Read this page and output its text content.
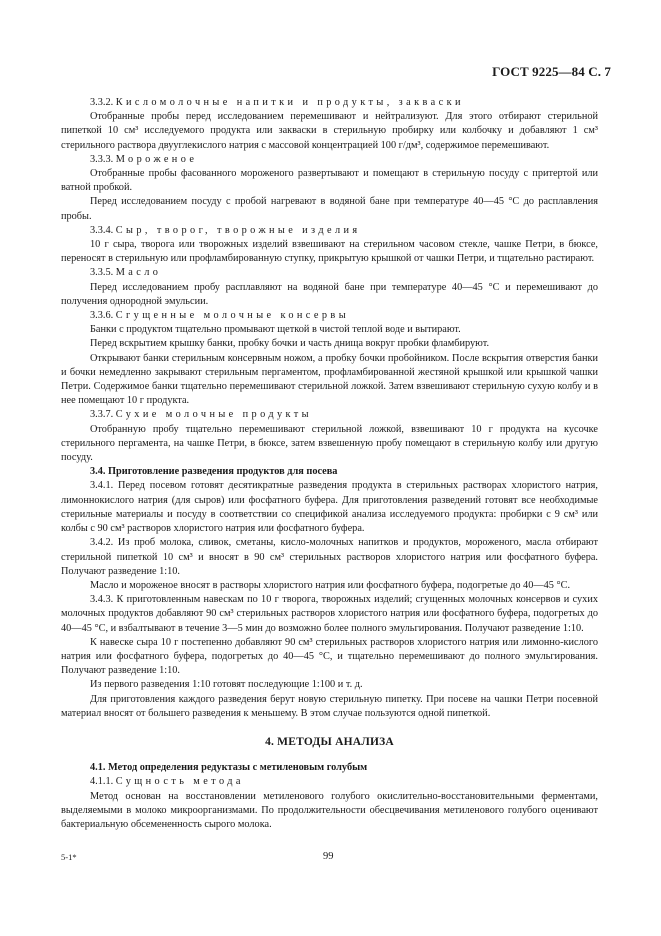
ГОСТ 9225—84 С. 7

3.3.2. Кисломолочные напитки и продукты, закваски

Отобранные пробы перед исследованием перемешивают и нейтрализуют. Для этого отбирают стерильной пипеткой 10 см³ исследуемого продукта или закваски в стерильную пробирку или колбочку и добавляют 1 см³ стерильного раствора двууглекислого натрия с массовой концентрацией 100 г/дм³, содержимое перемешивают.

3.3.3. Мороженое

Отобранные пробы фасованного мороженого развертывают и помещают в стерильную посуду с притертой или ватной пробкой.

Перед исследованием посуду с пробой нагревают в водяной бане при температуре 40—45 °С до расплавления пробы.

3.3.4. Сыр, творог, творожные изделия

10 г сыра, творога или творожных изделий взвешивают на стерильном часовом стекле, чашке Петри, в бюксе, переносят в стерильную или профламбированную ступку, прикрытую крышкой от чашки Петри, и тщательно растирают.

3.3.5. Масло

Перед исследованием пробу расплавляют на водяной бане при температуре 40—45 °С и перемешивают до получения однородной эмульсии.

3.3.6. Сгущенные молочные консервы

Банки с продуктом тщательно промывают щеткой в чистой теплой воде и вытирают.

Перед вскрытием крышку банки, пробку бочки и часть днища вокруг пробки фламбируют.

Открывают банки стерильным консервным ножом, а пробку бочки пробойником. После вскрытия отверстия банки и бочки немедленно закрывают стерильным пергаментом, профламбированной жестяной крышкой или крышкой чашки Петри. Содержимое банки тщательно перемешивают стерильной ложкой. Затем взвешивают стерильную сухую колбу и в нее помещают 10 г продукта.

3.3.7. Сухие молочные продукты

Отобранную пробу тщательно перемешивают стерильной ложкой, взвешивают 10 г продукта на кусочке стерильного пергамента, на чашке Петри, в бюксе, затем взвешенную пробу помещают в стерильную колбу или другую посуду.

3.4. Приготовление разведения продуктов для посева

3.4.1. Перед посевом готовят десятикратные разведения продукта в стерильных растворах хлористого натрия, лимоннокислого натрия (для сыров) или фосфатного буфера. Для приготовления разведений готовят все необходимые стерильные материалы и посуду в соответствии со спецификой анализа исследуемого продукта: пробирки с 9 см³ или колбы с 90 см³ растворов хлористого натрия или фосфатного буфера.

3.4.2. Из проб молока, сливок, сметаны, кисло-молочных напитков и продуктов, мороженого, масла отбирают стерильной пипеткой 10 см³ и вносят в 90 см³ стерильных растворов хлористого натрия или фосфатного буфера. Получают разведение 1:10.

Масло и мороженое вносят в растворы хлористого натрия или фосфатного буфера, подогретые до 40—45 °С.

3.4.3. К приготовленным навескам по 10 г творога, творожных изделий; сгущенных молочных консервов и сухих молочных продуктов добавляют 90 см³ стерильных растворов хлористого натрия или фосфатного буфера, подогретых до 40—45 °С, и взбалтывают в течение 3—5 мин до возможно более полного эмульгирования. Получают разведение 1:10.

К навеске сыра 10 г постепенно добавляют 90 см³ стерильных растворов хлористого натрия или лимонно-кислого натрия или фосфатного буфера, подогретых до 40—45 °С, и тщательно перемешивают до полного эмульгирования. Получают разведение 1:10.

Из первого разведения 1:10 готовят последующие 1:100 и т. д.

Для приготовления каждого разведения берут новую стерильную пипетку. При посеве на чашки Петри посевной материал вносят от большего разведения к меньшему. В этом случае пользуются одной пипеткой.

4. МЕТОДЫ АНАЛИЗА

4.1. Метод определения редуктазы с метиленовым голубым

4.1.1. Сущность метода

Метод основан на восстановлении метиленового голубого окислительно-восстановительными ферментами, выделяемыми в молоко микроорганизмами. По продолжительности обесцвечивания метиленового голубого оценивают бактериальную обсемененность сырого молока.

5-1*	99
